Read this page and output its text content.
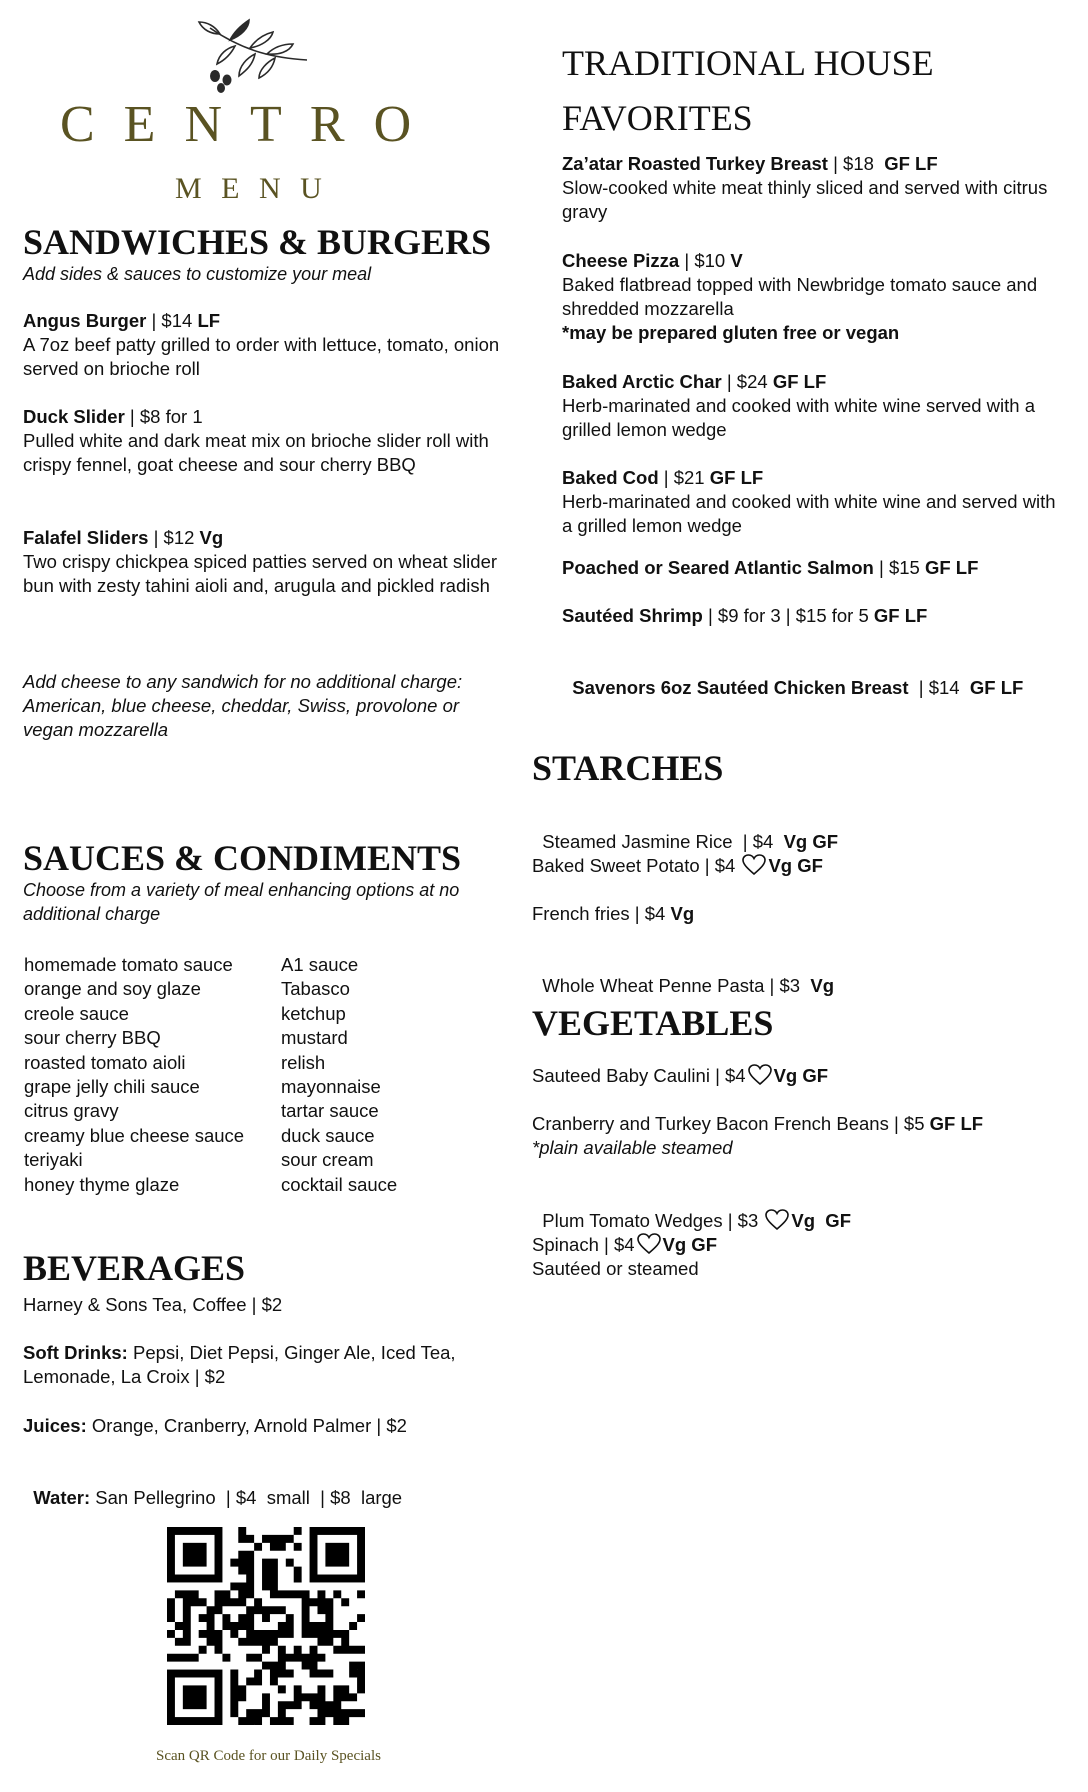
C E N T R O
M E N U
SANDWICHES & BURGERS
Add sides & sauces to customize your meal
Angus Burger | $14 LF
A 7oz beef patty grilled to order with lettuce, tomato, onion served on brioche roll
Duck Slider | $8 for 1
Pulled white and dark meat mix on brioche slider roll with crispy fennel, goat cheese and sour cherry BBQ
Falafel Sliders | $12 Vg
Two crispy chickpea spiced patties served on wheat slider bun with zesty tahini aioli and, arugula and pickled radish
Add cheese to any sandwich for no additional charge: American, blue cheese, cheddar, Swiss, provolone or vegan mozzarella
SAUCES & CONDIMENTS
Choose from a variety of meal enhancing options at no additional charge
homemade tomato sauce
orange and soy glaze
creole sauce
sour cherry BBQ
roasted tomato aioli
grape jelly chili sauce
citrus gravy
creamy blue cheese sauce
teriyaki
honey thyme glaze
A1 sauce
Tabasco
ketchup
mustard
relish
mayonnaise
tartar sauce
duck sauce
sour cream
cocktail sauce
BEVERAGES
Harney & Sons Tea, Coffee | $2
Soft Drinks: Pepsi, Diet Pepsi, Ginger Ale, Iced Tea, Lemonade, La Croix | $2
Juices: Orange, Cranberry, Arnold Palmer | $2

Water: San Pellegrino  | $4  small  | $8  large

Scan QR Code for our Daily Specials
TRADITIONAL HOUSE
FAVORITES
Za’atar Roasted Turkey Breast | $18  GF LF
Slow-cooked white meat thinly sliced and served with citrus gravy
Cheese Pizza | $10 V
Baked flatbread topped with Newbridge tomato sauce and shredded mozzarella
*may be prepared gluten free or vegan
Baked Arctic Char | $24 GF LF
Herb-marinated and cooked with white wine served with a grilled lemon wedge
Baked Cod | $21 GF LF
Herb-marinated and cooked with white wine and served with a grilled lemon wedge
Poached or Seared Atlantic Salmon | $15 GF LF
Sautéed Shrimp | $9 for 3 | $15 for 5 GF LF

Savenors 6oz Sautéed Chicken Breast  | $14  GF LF

STARCHES

Steamed Jasmine Rice  | $4  Vg GF

Baked Sweet Potato | $4 Vg GF
French fries | $4 Vg

Whole Wheat Penne Pasta | $3  Vg

VEGETABLES
Sauteed Baby Caulini | $4 Vg GF
Cranberry and Turkey Bacon French Beans | $5 GF LF
*plain available steamed

Plum Tomato Wedges | $3 Vg  GF

Spinach | $4 Vg GF
Sautéed or steamed
